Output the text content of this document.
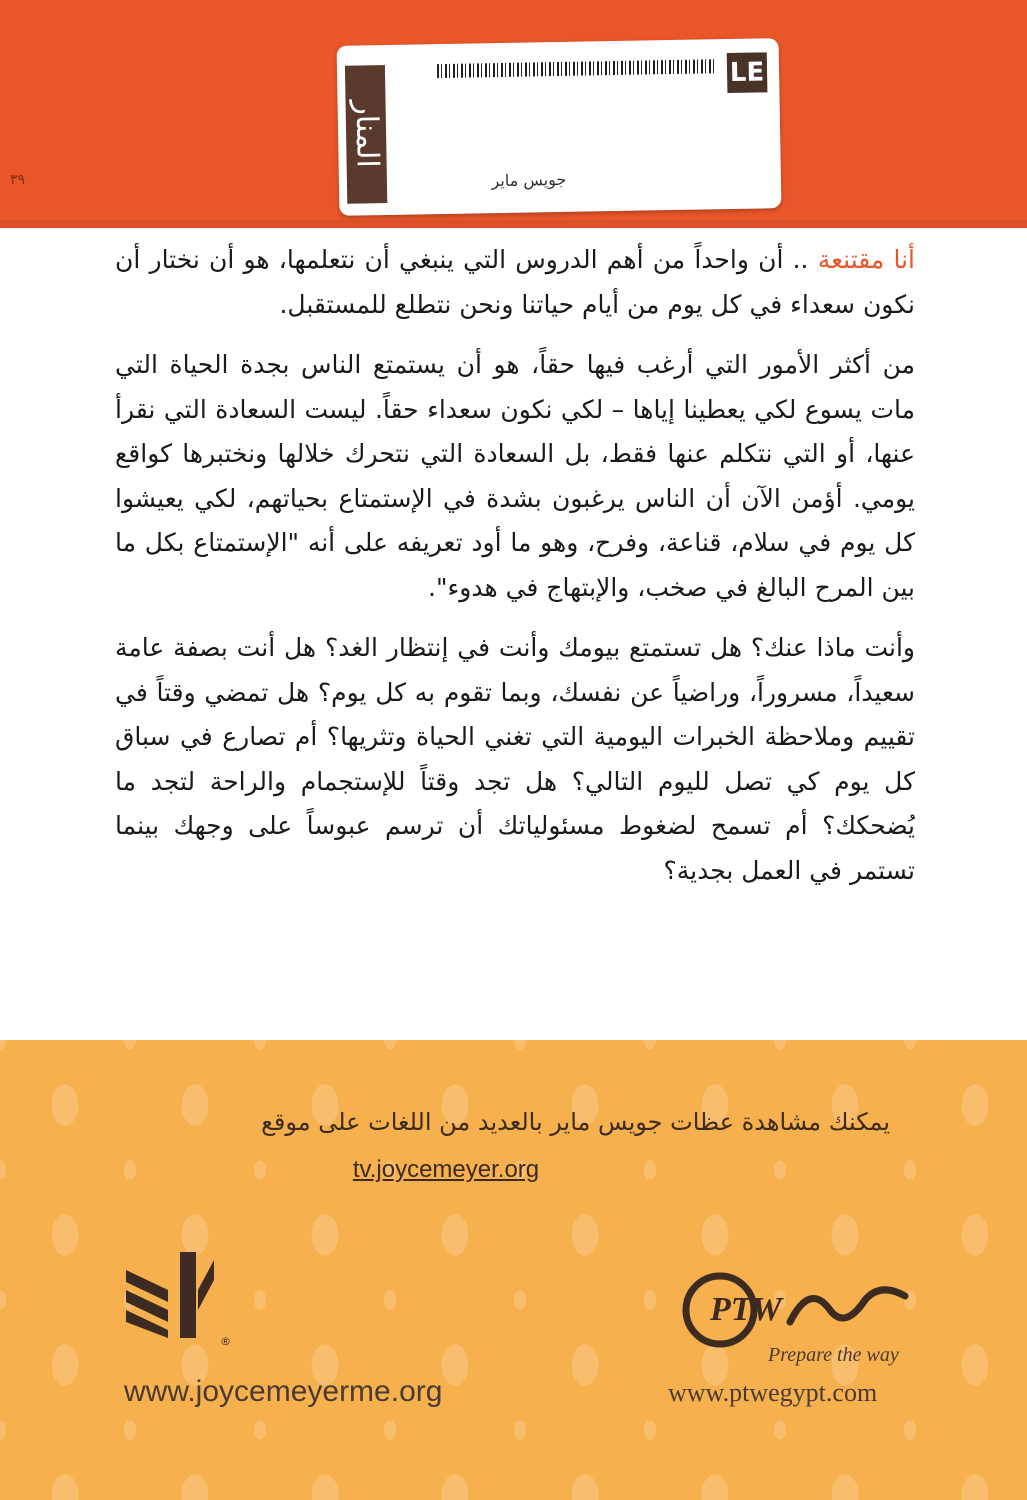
٣٩
المنار
LE
جويس ماير

أنا مقتنعة .. أن واحداً من أهم الدروس التي ينبغي أن نتعلمها، هو أن نختار أن نكون سعداء في كل يوم من أيام حياتنا ونحن نتطلع للمستقبل.

من أكثر الأمور التي أرغب فيها حقاً، هو أن يستمتع الناس بجدة الحياة التي مات يسوع لكي يعطينا إياها – لكي نكون سعداء حقاً. ليست السعادة التي نقرأ عنها، أو التي نتكلم عنها فقط، بل السعادة التي نتحرك خلالها ونختبرها كواقع يومي. أؤمن الآن أن الناس يرغبون بشدة في الإستمتاع بحياتهم، لكي يعيشوا كل يوم في سلام، قناعة، وفرح، وهو ما أود تعريفه على أنه "الإستمتاع بكل ما بين المرح البالغ في صخب، والإبتهاج في هدوء".

وأنت ماذا عنك؟ هل تستمتع بيومك وأنت في إنتظار الغد؟ هل أنت بصفة عامة سعيداً، مسروراً، وراضياً عن نفسك، وبما تقوم به كل يوم؟ هل تمضي وقتاً في تقييم وملاحظة الخبرات اليومية التي تغني الحياة وتثريها؟ أم تصارع في سباق كل يوم كي تصل لليوم التالي؟ هل تجد وقتاً للإستجمام والراحة لتجد ما يُضحكك؟ أم تسمح لضغوط مسئولياتك أن ترسم عبوساً على وجهك بينما تستمر في العمل بجدية؟

يمكنك مشاهدة عظات جويس ماير بالعديد من اللغات على موقع
tv.joycemeyer.org
®
www.joycemeyerme.org
PTW
Prepare the way
www.ptwegypt.com
